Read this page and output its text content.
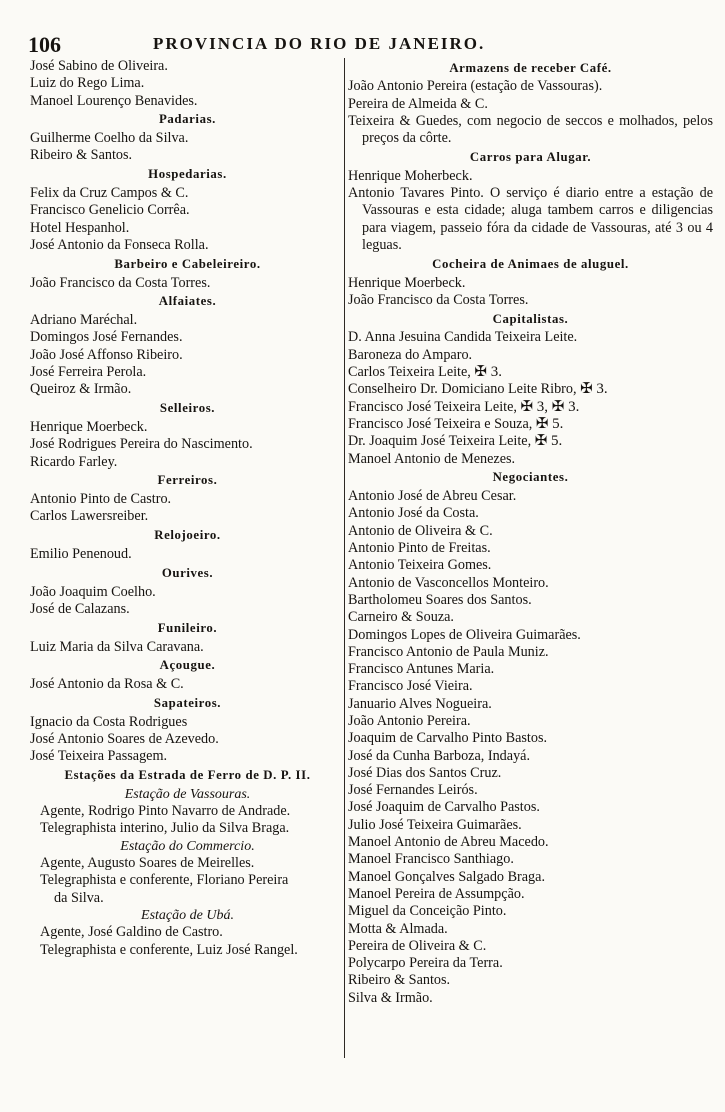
106	PROVINCIA DO RIO DE JANEIRO.
José Sabino de Oliveira.
Luiz do Rego Lima.
Manoel Lourenço Benavides.
Padarias.
Guilherme Coelho da Silva.
Ribeiro & Santos.
Hospedarias.
Felix da Cruz Campos & C.
Francisco Genelicio Corrêa.
Hotel Hespanhol.
José Antonio da Fonseca Rolla.
Barbeiro e Cabeleireiro.
João Francisco da Costa Torres.
Alfaiates.
Adriano Maréchal.
Domingos José Fernandes.
João José Affonso Ribeiro.
José Ferreira Perola.
Queiroz & Irmão.
Selleiros.
Henrique Moerbeck.
José Rodrigues Pereira do Nascimento.
Ricardo Farley.
Ferreiros.
Antonio Pinto de Castro.
Carlos Lawersreiber.
Relojoeiro.
Emilio Penenoud.
Ourives.
João Joaquim Coelho.
José de Calazans.
Funileiro.
Luiz Maria da Silva Caravana.
Açougue.
José Antonio da Rosa & C.
Sapateiros.
Ignacio da Costa Rodrigues
José Antonio Soares de Azevedo.
José Teixeira Passagem.
Estações da Estrada de Ferro de D. P. II.
Estação de Vassouras.
Agente, Rodrigo Pinto Navarro de Andrade.
Telegraphista interino, Julio da Silva Braga.
Estação do Commercio.
Agente, Augusto Soares de Meirelles.
Telegraphista e conferente, Floriano Pereira
da Silva.
Estação de Ubá.
Agente, José Galdino de Castro.
Telegraphista e conferente, Luiz José Rangel.
Armazens de receber Café.
João Antonio Pereira (estação de Vassouras).
Pereira de Almeida & C.
Teixeira & Guedes, com negocio de seccos e molhados, pelos preços da côrte.
Carros para Alugar.
Henrique Moherbeck.
Antonio Tavares Pinto. O serviço é diario entre a estação de Vassouras e esta cidade; aluga tambem carros e diligencias para viagem, passeio fóra da cidade de Vassouras, até 3 ou 4 leguas.
Cocheira de Animaes de aluguel.
Henrique Moerbeck.
João Francisco da Costa Torres.
Capitalistas.
D. Anna Jesuina Candida Teixeira Leite.
Baroneza do Amparo.
Carlos Teixeira Leite, ✠ 3.
Conselheiro Dr. Domiciano Leite Ribro, ✠ 3.
Francisco José Teixeira Leite, ✠ 3, ✠ 3.
Francisco José Teixeira e Souza, ✠ 5.
Dr. Joaquim José Teixeira Leite, ✠ 5.
Manoel Antonio de Menezes.
Negociantes.
Antonio José de Abreu Cesar.
Antonio José da Costa.
Antonio de Oliveira & C.
Antonio Pinto de Freitas.
Antonio Teixeira Gomes.
Antonio de Vasconcellos Monteiro.
Bartholomeu Soares dos Santos.
Carneiro & Souza.
Domingos Lopes de Oliveira Guimarães.
Francisco Antonio de Paula Muniz.
Francisco Antunes Maria.
Francisco José Vieira.
Januario Alves Nogueira.
João Antonio Pereira.
Joaquim de Carvalho Pinto Bastos.
José da Cunha Barboza, Indayá.
José Dias dos Santos Cruz.
José Fernandes Leirós.
José Joaquim de Carvalho Pastos.
Julio José Teixeira Guimarães.
Manoel Antonio de Abreu Macedo.
Manoel Francisco Santhiago.
Manoel Gonçalves Salgado Braga.
Manoel Pereira de Assumpção.
Miguel da Conceição Pinto.
Motta & Almada.
Pereira de Oliveira & C.
Polycarpo Pereira da Terra.
Ribeiro & Santos.
Silva & Irmão.
